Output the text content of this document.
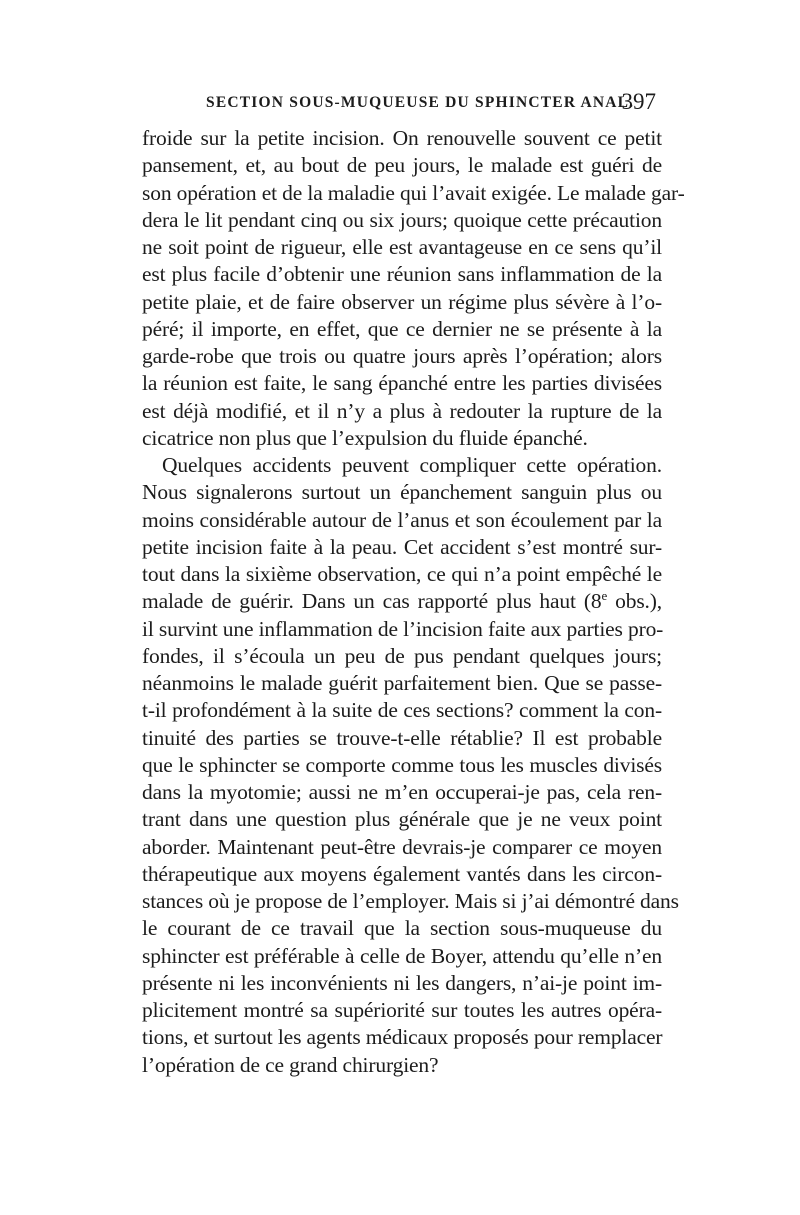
SECTION SOUS-MUQUEUSE DU SPHINCTER ANAL.
397
froide sur la petite incision. On renouvelle souvent ce petit
pansement, et, au bout de peu jours, le malade est guéri de
son opération et de la maladie qui l’avait exigée. Le malade gar-
dera le lit pendant cinq ou six jours; quoique cette précaution
ne soit point de rigueur, elle est avantageuse en ce sens qu’il
est plus facile d’obtenir une réunion sans inflammation de la
petite plaie, et de faire observer un régime plus sévère à l’o-
péré; il importe, en effet, que ce dernier ne se présente à la
garde-robe que trois ou quatre jours après l’opération; alors
la réunion est faite, le sang épanché entre les parties divisées
est déjà modifié, et il n’y a plus à redouter la rupture de la
cicatrice non plus que l’expulsion du fluide épanché.
Quelques accidents peuvent compliquer cette opération.
Nous signalerons surtout un épanchement sanguin plus ou
moins considérable autour de l’anus et son écoulement par la
petite incision faite à la peau. Cet accident s’est montré sur-
tout dans la sixième observation, ce qui n’a point empêché le
malade de guérir. Dans un cas rapporté plus haut (8e obs.),
il survint une inflammation de l’incision faite aux parties pro-
fondes, il s’écoula un peu de pus pendant quelques jours;
néanmoins le malade guérit parfaitement bien. Que se passe-
t-il profondément à la suite de ces sections? comment la con-
tinuité des parties se trouve-t-elle rétablie? Il est probable
que le sphincter se comporte comme tous les muscles divisés
dans la myotomie; aussi ne m’en occuperai-je pas, cela ren-
trant dans une question plus générale que je ne veux point
aborder. Maintenant peut-être devrais-je comparer ce moyen
thérapeutique aux moyens également vantés dans les circon-
stances où je propose de l’employer. Mais si j’ai démontré dans
le courant de ce travail que la section sous-muqueuse du
sphincter est préférable à celle de Boyer, attendu qu’elle n’en
présente ni les inconvénients ni les dangers, n’ai-je point im-
plicitement montré sa supériorité sur toutes les autres opéra-
tions, et surtout les agents médicaux proposés pour remplacer
l’opération de ce grand chirurgien?
